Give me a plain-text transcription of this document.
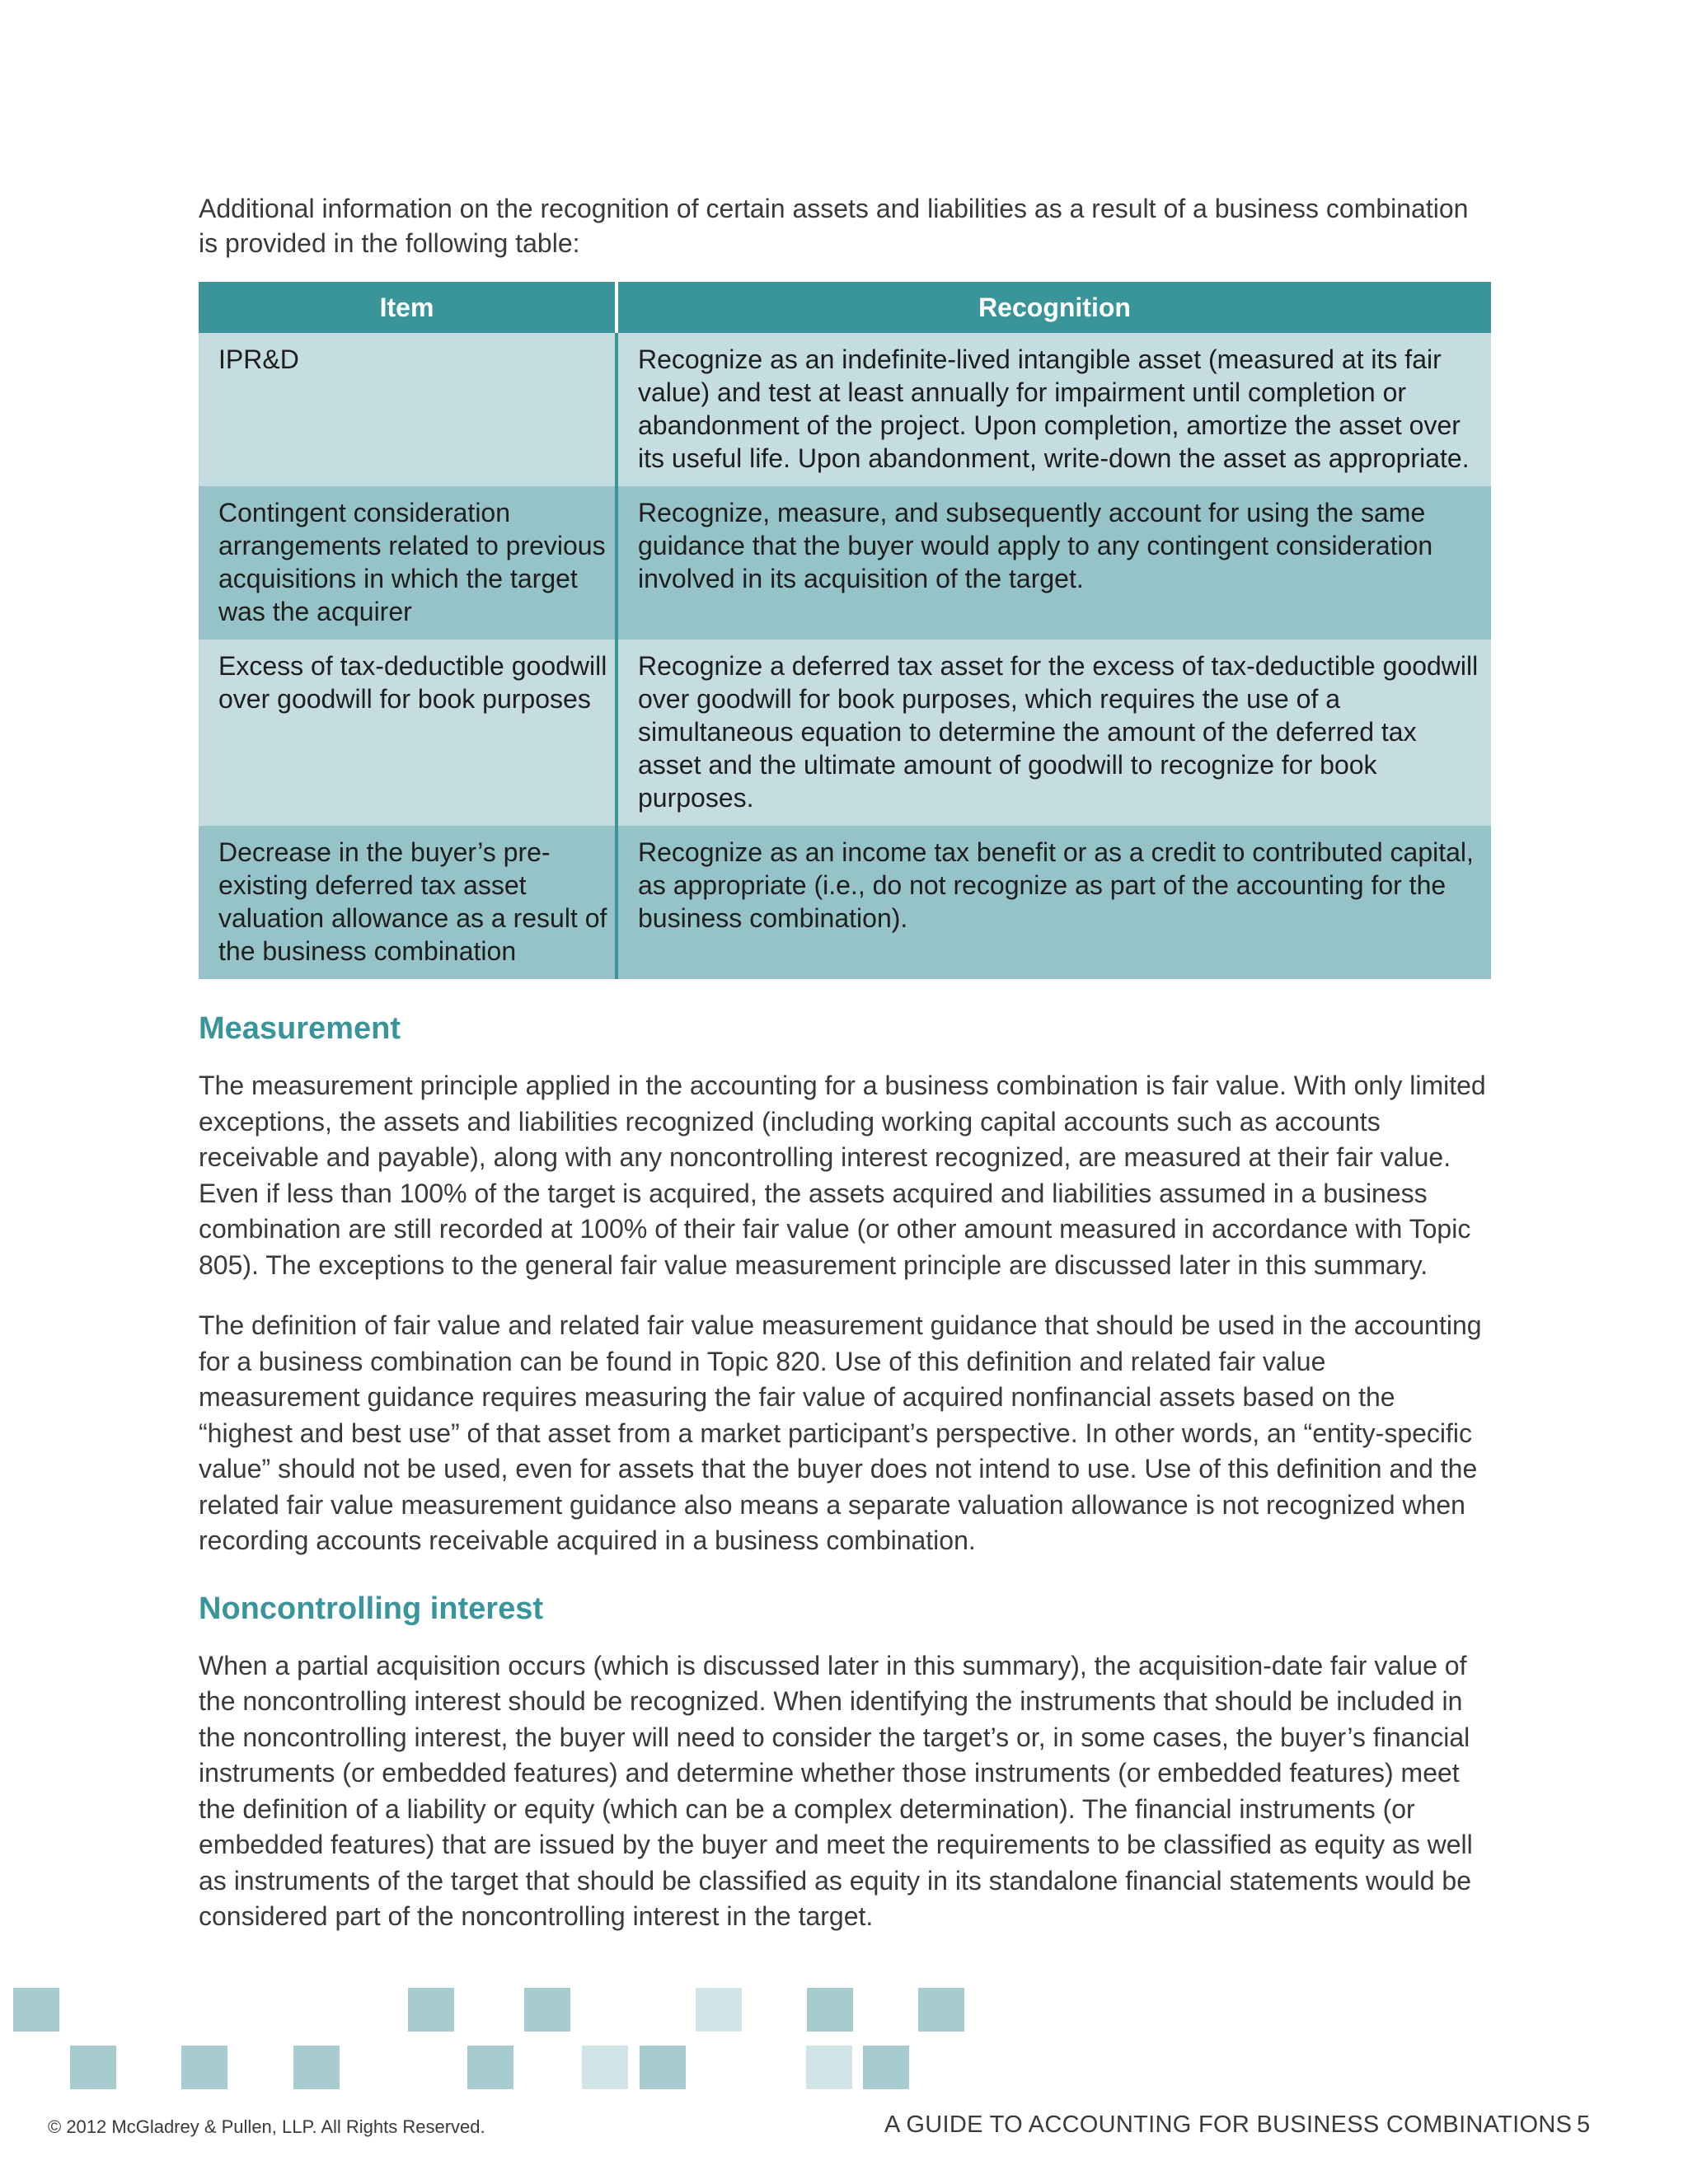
Additional information on the recognition of certain assets and liabilities as a result of a business combination is provided in the following table:

Item	Recognition
IPR&D	Recognize as an indefinite-lived intangible asset (measured at its fair value) and test at least annually for impairment until completion or abandonment of the project. Upon completion, amortize the asset over its useful life. Upon abandonment, write-down the asset as appropriate.
Contingent consideration arrangements related to previous acquisitions in which the target was the acquirer	Recognize, measure, and subsequently account for using the same guidance that the buyer would apply to any contingent consideration involved in its acquisition of the target.
Excess of tax-deductible goodwill over goodwill for book purposes	Recognize a deferred tax asset for the excess of tax-deductible goodwill over goodwill for book purposes, which requires the use of a simultaneous equation to determine the amount of the deferred tax asset and the ultimate amount of goodwill to recognize for book purposes.
Decrease in the buyer’s pre-existing deferred tax asset valuation allowance as a result of the business combination	Recognize as an income tax benefit or as a credit to contributed capital, as appropriate (i.e., do not recognize as part of the accounting for the business combination).
Measurement

The measurement principle applied in the accounting for a business combination is fair value. With only limited exceptions, the assets and liabilities recognized (including working capital accounts such as accounts receivable and payable), along with any noncontrolling interest recognized, are measured at their fair value. Even if less than 100% of the target is acquired, the assets acquired and liabilities assumed in a business combination are still recorded at 100% of their fair value (or other amount measured in accordance with Topic 805). The exceptions to the general fair value measurement principle are discussed later in this summary.

The definition of fair value and related fair value measurement guidance that should be used in the accounting for a business combination can be found in Topic 820. Use of this definition and related fair value measurement guidance requires measuring the fair value of acquired nonfinancial assets based on the “highest and best use” of that asset from a market participant’s perspective. In other words, an “entity-specific value” should not be used, even for assets that the buyer does not intend to use. Use of this definition and the related fair value measurement guidance also means a separate valuation allowance is not recognized when recording accounts receivable acquired in a business combination.

Noncontrolling interest

When a partial acquisition occurs (which is discussed later in this summary), the acquisition-date fair value of the noncontrolling interest should be recognized. When identifying the instruments that should be included in the noncontrolling interest, the buyer will need to consider the target’s or, in some cases, the buyer’s financial instruments (or embedded features) and determine whether those instruments (or embedded features) meet the definition of a liability or equity (which can be a complex determination). The financial instruments (or embedded features) that are issued by the buyer and meet the requirements to be classified as equity as well as instruments of the target that should be classified as equity in its standalone financial statements would be considered part of the noncontrolling interest in the target.

© 2012 McGladrey & Pullen, LLP. All Rights Reserved.	A GUIDE TO ACCOUNTING FOR BUSINESS COMBINATIONS 5
